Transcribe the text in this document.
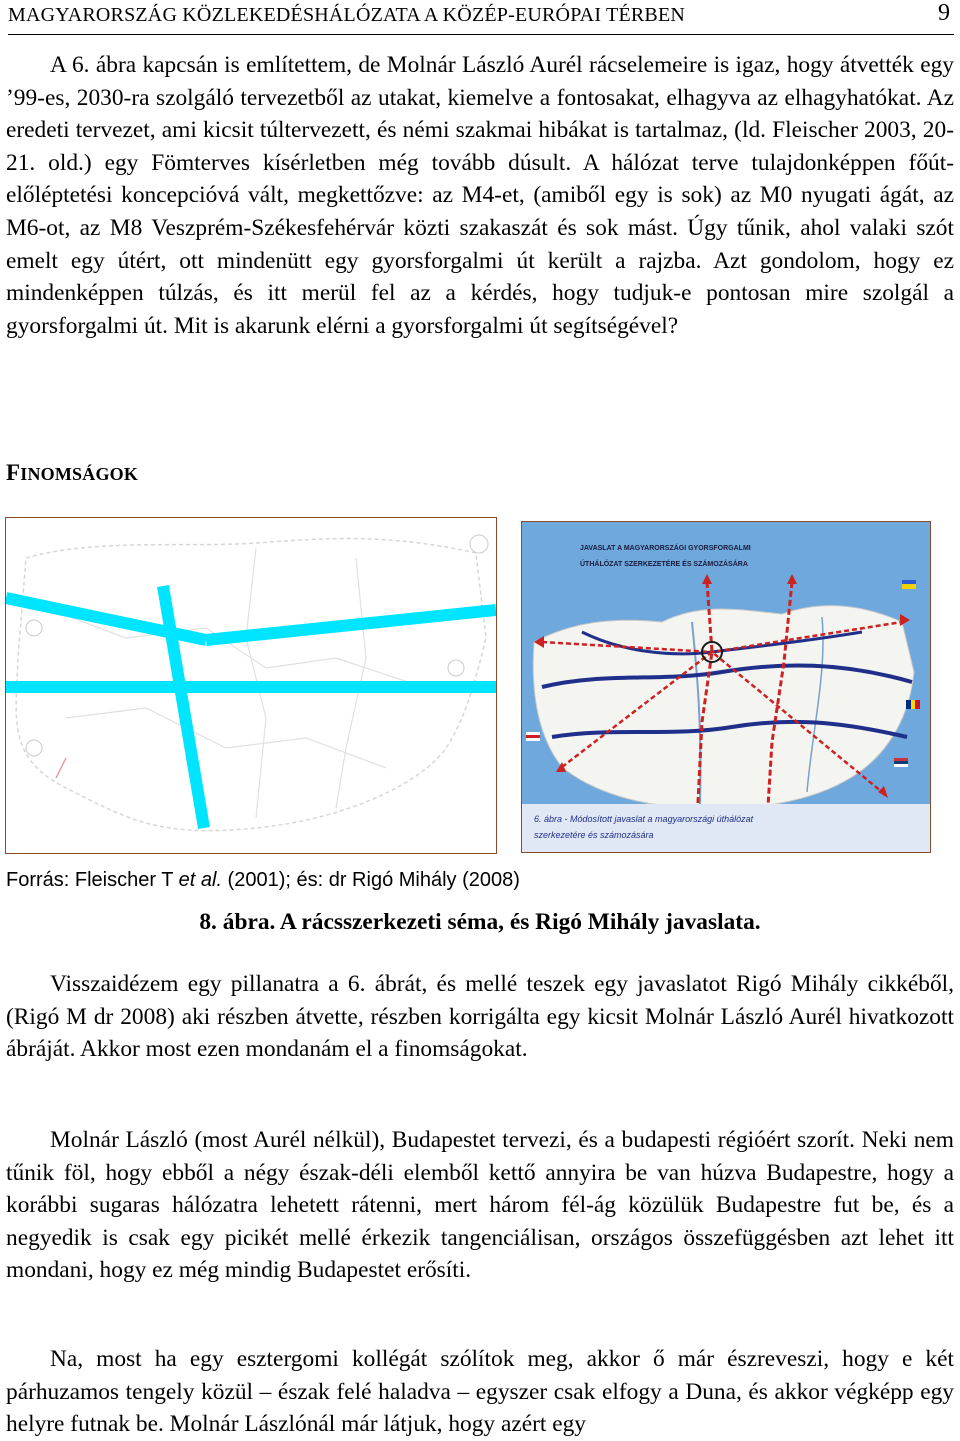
MAGYARORSZÁG KÖZLEKEDÉSHÁLÓZATA A KÖZÉP-EURÓPAI TÉRBEN	9

A 6. ábra kapcsán is említettem, de Molnár László Aurél rácselemeire is igaz, hogy átvették egy ’99-es, 2030-ra szolgáló tervezetből az utakat, kiemelve a fontosakat, elhagyva az elhagyhatókat. Az eredeti tervezet, ami kicsit túltervezett, és némi szakmai hibákat is tartalmaz, (ld. Fleischer 2003, 20-21. old.) egy Fömterves kísérletben még tovább dúsult. A hálózat terve tulajdonképpen főút-előléptetési koncepcióvá vált, megkettőzve: az M4-et, (amiből egy is sok) az M0 nyugati ágát, az M6-ot, az M8 Veszprém-Székesfehérvár közti szakaszát és sok mást. Úgy tűnik, ahol valaki szót emelt egy útért, ott mindenütt egy gyorsforgalmi út került a rajzba. Azt gondolom, hogy ez mindenképpen túlzás, és itt merül fel az a kérdés, hogy tudjuk-e pontosan mire szolgál a gyorsforgalmi út. Mit is akarunk elérni a gyorsforgalmi út segítségével?

FINOMSÁGOK
JAVASLAT A MAGYARORSZÁGI GYORSFORGALMI
ÚTHÁLÓZAT SZERKEZETÉRE ÉS SZÁMOZÁSÁRA
6. ábra - Módosított javaslat a magyarországi úthálózat
szerkezetére és számozására
Forrás: Fleischer T et al. (2001); és: dr Rigó Mihály (2008)
8. ábra. A rácsszerkezeti séma, és Rigó Mihály javaslata.

Visszaidézem egy pillanatra a 6. ábrát, és mellé teszek egy javaslatot Rigó Mihály cikkéből, (Rigó M dr 2008) aki részben átvette, részben korrigálta egy kicsit Molnár László Aurél hivatkozott ábráját. Akkor most ezen mondanám el a finomságokat.

Molnár László (most Aurél nélkül), Budapestet tervezi, és a budapesti régióért szorít. Neki nem tűnik föl, hogy ebből a négy észak-déli elemből kettő annyira be van húzva Budapestre, hogy a korábbi sugaras hálózatra lehetett rátenni, mert három fél-ág közülük Budapestre fut be, és a negyedik is csak egy picikét mellé érkezik tangenciálisan, országos összefüggésben azt lehet itt mondani, hogy ez még mindig Budapestet erősíti.

Na, most ha egy esztergomi kollégát szólítok meg, akkor ő már észreveszi, hogy e két párhuzamos tengely közül – észak felé haladva – egyszer csak elfogy a Duna, és akkor végképp egy helyre futnak be. Molnár Lászlónál már látjuk, hogy azért egy
